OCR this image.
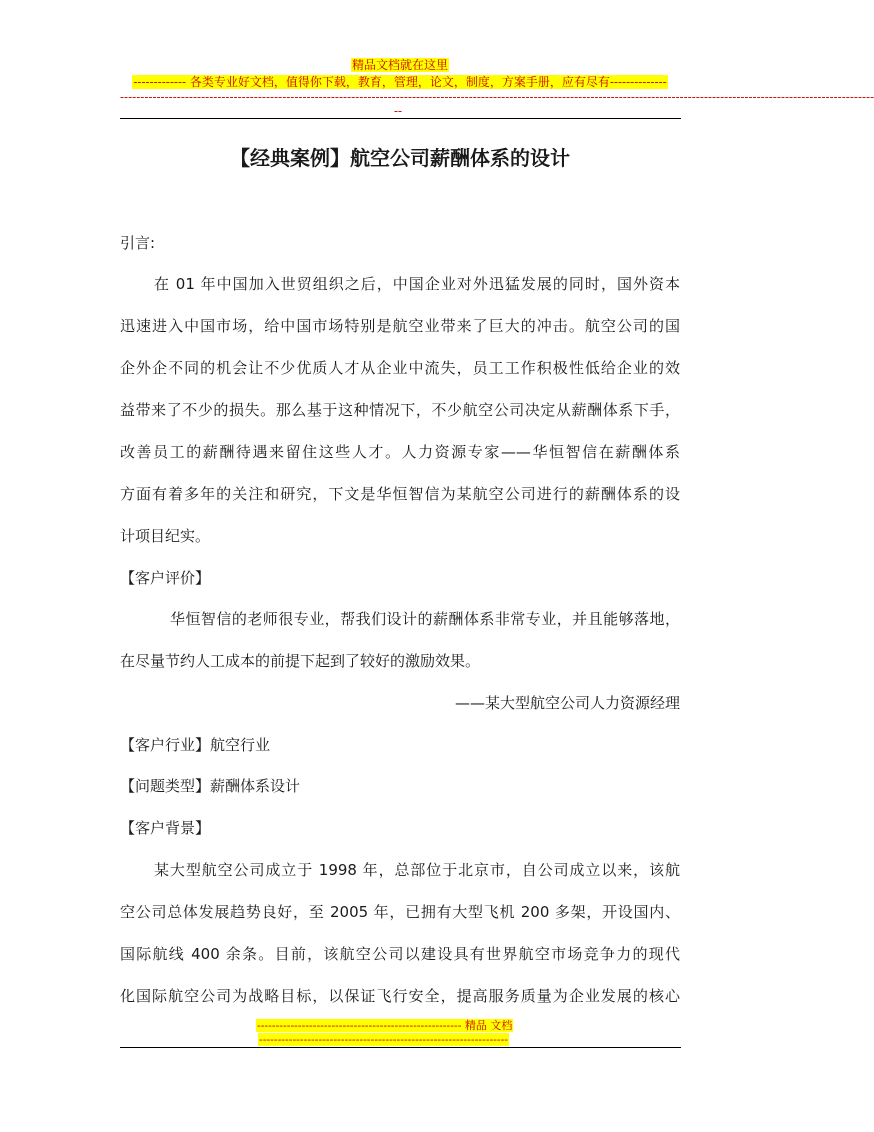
精品文档就在这里
------------- 各类专业好文档，值得你下载，教育，管理，论文，制度，方案手册，应有尽有--------------
------------------------------------------------------------------------------------------------------------------------------------------------------------------------------------------
--
【经典案例】航空公司薪酬体系的设计
引言:
在 01 年中国加入世贸组织之后，中国企业对外迅猛发展的同时，国外资本
迅速进入中国市场，给中国市场特别是航空业带来了巨大的冲击。航空公司的国
企外企不同的机会让不少优质人才从企业中流失，员工工作积极性低给企业的效
益带来了不少的损失。那么基于这种情况下，不少航空公司决定从薪酬体系下手，
改善员工的薪酬待遇来留住这些人才。人力资源专家——华恒智信在薪酬体系
方面有着多年的关注和研究，下文是华恒智信为某航空公司进行的薪酬体系的设
计项目纪实。
【客户评价】
华恒智信的老师很专业，帮我们设计的薪酬体系非常专业，并且能够落地，
在尽量节约人工成本的前提下起到了较好的激励效果。
——某大型航空公司人力资源经理
【客户行业】航空行业
【问题类型】薪酬体系设计
【客户背景】
某大型航空公司成立于 1998 年，总部位于北京市，自公司成立以来，该航
空公司总体发展趋势良好，至 2005 年，已拥有大型飞机 200 多架，开设国内、
国际航线 400 余条。目前，该航空公司以建设具有世界航空市场竞争力的现代
化国际航空公司为战略目标，以保证飞行安全，提高服务质量为企业发展的核心
------------------------------------------------------- 精品 文档
-------------------------------------------------------------------
